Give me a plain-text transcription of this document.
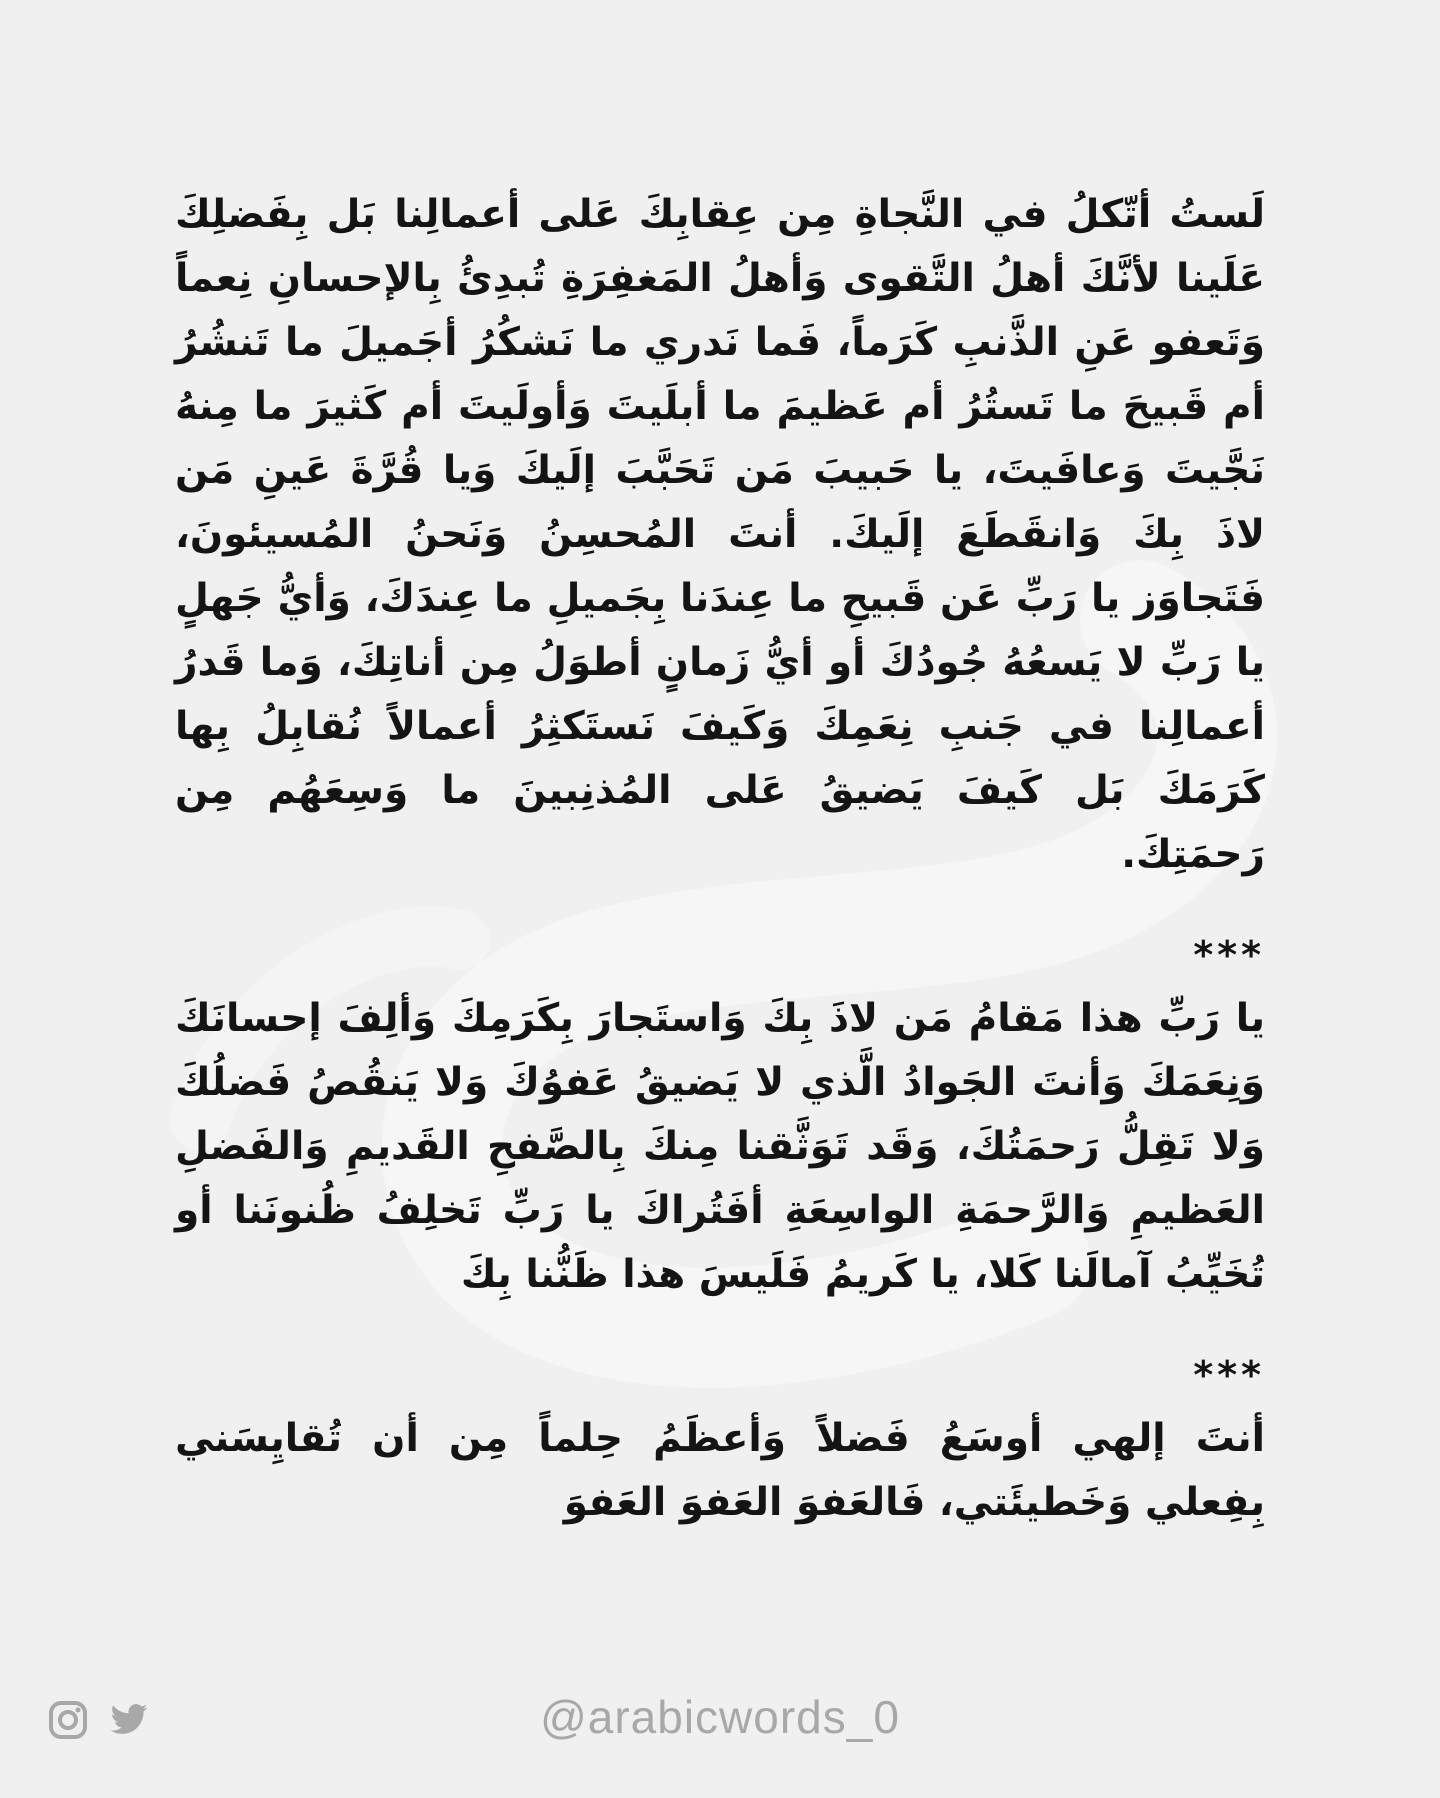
لَستُ أتّكلُ في النَّجاةِ مِن عِقابِكَ عَلى أعمالِنا بَل بِفَضلِكَ عَلَينا لأنَّكَ أهلُ التَّقوى وَأهلُ المَغفِرَةِ تُبدِئُ بِالإحسانِ نِعماً وَتَعفو عَنِ الذَّنبِ كَرَماً، فَما نَدري ما نَشكُرُ أجَميلَ ما تَنشُرُ أم قَبيحَ ما تَستُرُ أم عَظيمَ ما أبلَيتَ وَأولَيتَ أم كَثيرَ ما مِنهُ نَجَّيتَ وَعافَيتَ، يا حَبيبَ مَن تَحَبَّبَ إلَيكَ وَيا قُرَّةَ عَينِ مَن لاذَ بِكَ وَانقَطَعَ إلَيكَ. أنتَ المُحسِنُ وَنَحنُ المُسيئونَ، فَتَجاوَز يا رَبِّ عَن قَبيحِ ما عِندَنا بِجَميلِ ما عِندَكَ، وَأيُّ جَهلٍ يا رَبِّ لا يَسعُهُ جُودُكَ أو أيُّ زَمانٍ أطوَلُ مِن أناتِكَ، وَما قَدرُ أعمالِنا في جَنبِ نِعَمِكَ وَكَيفَ نَستَكثِرُ أعمالاً نُقابِلُ بِها كَرَمَكَ بَل كَيفَ يَضيقُ عَلى المُذنِبينَ ما وَسِعَهُم مِن رَحمَتِكَ.

***

يا رَبِّ هذا مَقامُ مَن لاذَ بِكَ وَاستَجارَ بِكَرَمِكَ وَألِفَ إحسانَكَ وَنِعَمَكَ وَأنتَ الجَوادُ الَّذي لا يَضيقُ عَفوُكَ وَلا يَنقُصُ فَضلُكَ وَلا تَقِلُّ رَحمَتُكَ، وَقَد تَوَثَّقنا مِنكَ بِالصَّفحِ القَديمِ وَالفَضلِ العَظيمِ وَالرَّحمَةِ الواسِعَةِ أفَتُراكَ يا رَبِّ تَخلِفُ ظُنونَنا أو تُخَيِّبُ آمالَنا كَلا، يا كَريمُ فَلَيسَ هذا ظَنُّنا بِكَ

***

أنتَ إلهي أوسَعُ فَضلاً وَأعظَمُ حِلماً مِن أن تُقايِسَني بِفِعلي وَخَطيئَتي، فَالعَفوَ العَفوَ العَفوَ

@arabicwords_0
